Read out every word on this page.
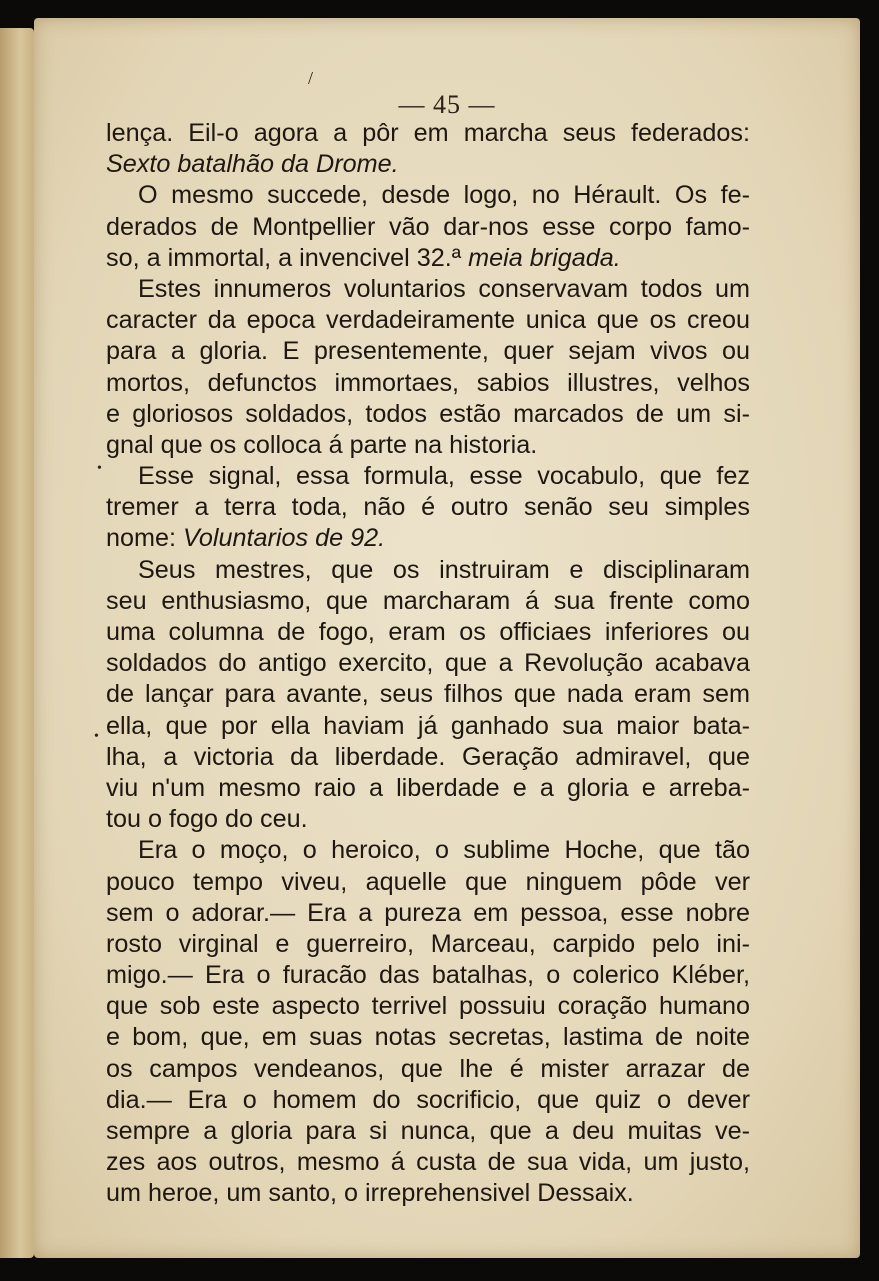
/
— 45 —
•
•
lença. Eil-o agora a pôr em marcha seus federados:
Sexto batalhão da Drome.
O mesmo succede, desde logo, no Hérault. Os fe-
derados de Montpellier vão dar-nos esse corpo famo-
so, a immortal, a invencivel 32.ª meia brigada.
Estes innumeros voluntarios conservavam todos um
caracter da epoca verdadeiramente unica que os creou
para a gloria. E presentemente, quer sejam vivos ou
mortos, defunctos immortaes, sabios illustres, velhos
e gloriosos soldados, todos estão marcados de um si-
gnal que os colloca á parte na historia.
Esse signal, essa formula, esse vocabulo, que fez
tremer a terra toda, não é outro senão seu simples
nome: Voluntarios de 92.
Seus mestres, que os instruiram e disciplinaram
seu enthusiasmo, que marcharam á sua frente como
uma columna de fogo, eram os officiaes inferiores ou
soldados do antigo exercito, que a Revolução acabava
de lançar para avante, seus filhos que nada eram sem
ella, que por ella haviam já ganhado sua maior bata-
lha, a victoria da liberdade. Geração admiravel, que
viu n'um mesmo raio a liberdade e a gloria e arreba-
tou o fogo do ceu.
Era o moço, o heroico, o sublime Hoche, que tão
pouco tempo viveu, aquelle que ninguem pôde ver
sem o adorar.— Era a pureza em pessoa, esse nobre
rosto virginal e guerreiro, Marceau, carpido pelo ini-
migo.— Era o furacão das batalhas, o colerico Kléber,
que sob este aspecto terrivel possuiu coração humano
e bom, que, em suas notas secretas, lastima de noite
os campos vendeanos, que lhe é mister arrazar de
dia.— Era o homem do socrificio, que quiz o dever
sempre a gloria para si nunca, que a deu muitas ve-
zes aos outros, mesmo á custa de sua vida, um justo,
um heroe, um santo, o irreprehensivel Dessaix.
